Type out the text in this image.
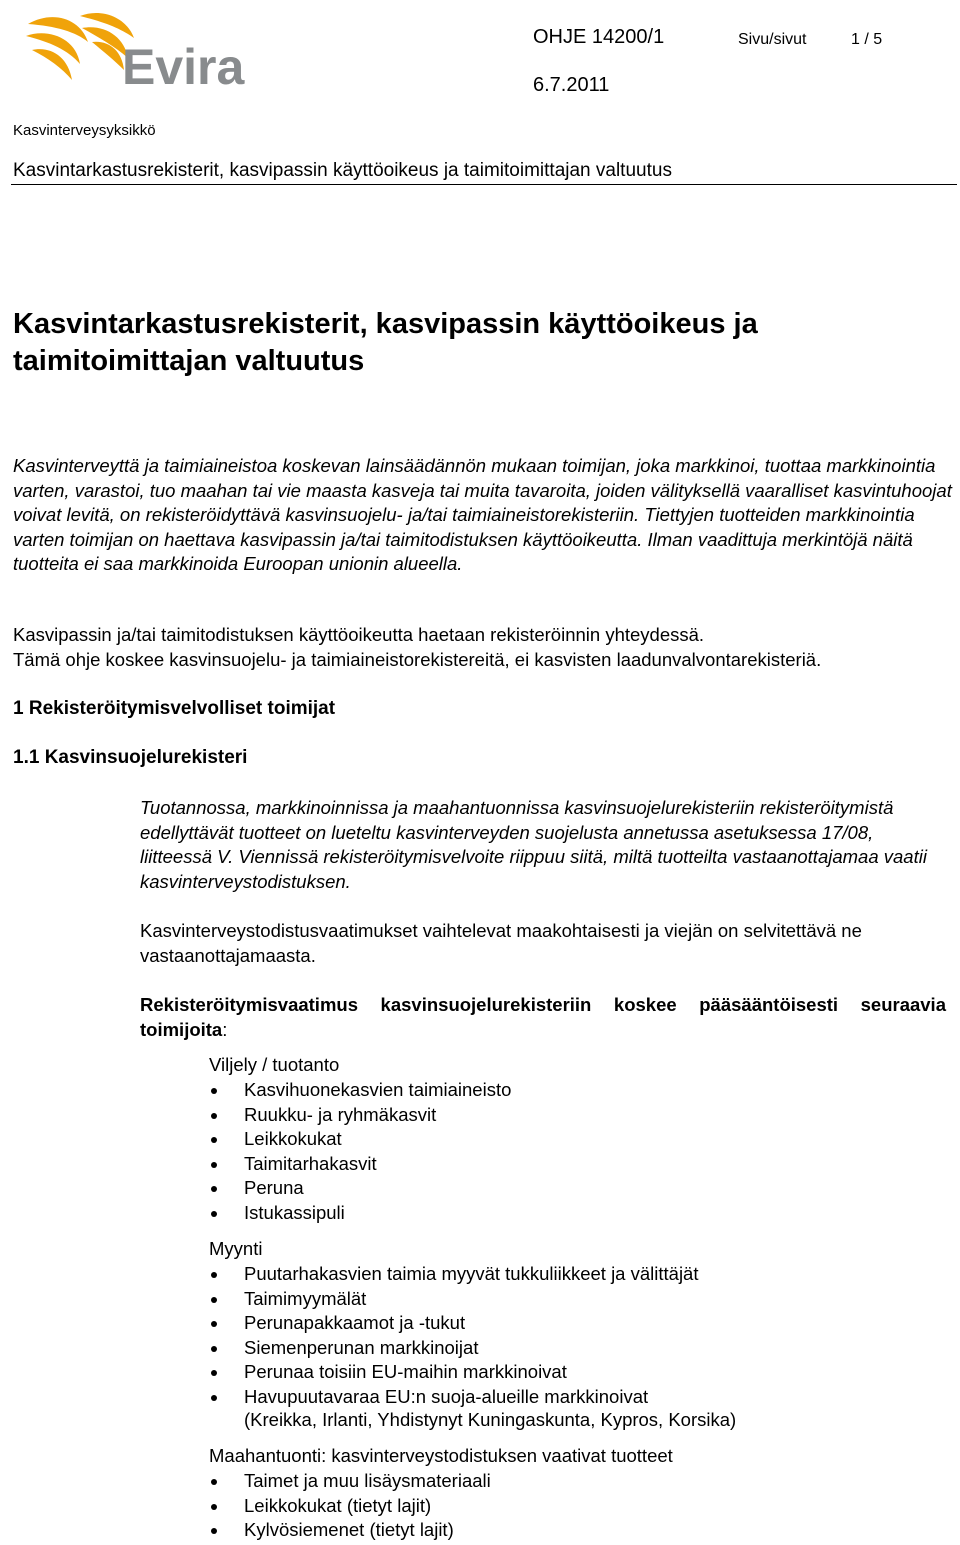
Evira
OHJE 14200/1	Sivu/sivut	1 / 5
6.7.2011
Kasvinterveysyksikkö
Kasvintarkastusrekisterit, kasvipassin käyttöoikeus ja taimitoimittajan valtuutus
Kasvintarkastusrekisterit, kasvipassin käyttöoikeus ja taimitoimittajan valtuutus

Kasvinterveyttä ja taimiaineistoa koskevan lainsäädännön mukaan toimijan, joka markkinoi, tuottaa markkinointia varten, varastoi, tuo maahan tai vie maasta kasveja tai muita tavaroita, joiden välityksellä vaaralliset kasvintuhoojat voivat levitä, on rekisteröidyttävä kasvinsuojelu- ja/tai taimiaineistorekisteriin. Tiettyjen tuotteiden markkinointia varten toimijan on haettava kasvipassin ja/tai taimitodistuksen käyttöoikeutta. Ilman vaadittuja merkintöjä näitä tuotteita ei saa markkinoida Euroopan unionin alueella.

Kasvipassin ja/tai taimitodistuksen käyttöoikeutta haetaan rekisteröinnin yhteydessä.
Tämä ohje koskee kasvinsuojelu- ja taimiaineistorekistereitä, ei kasvisten laadunvalvontarekisteriä.
1 Rekisteröitymisvelvolliset toimijat
1.1 Kasvinsuojelurekisteri

Tuotannossa, markkinoinnissa ja maahantuonnissa kasvinsuojelurekisteriin rekisteröitymistä edellyttävät tuotteet on lueteltu kasvinterveyden suojelusta annetussa asetuksessa 17/08, liitteessä V. Viennissä rekisteröitymisvelvoite riippuu siitä, miltä tuotteilta vastaanottajamaa vaatii kasvinterveystodistuksen.

Kasvinterveystodistusvaatimukset vaihtelevat maakohtaisesti ja viejän on selvitettävä ne vastaanottajamaasta.

Rekisteröitymisvaatimus kasvinsuojelurekisteriin koskee pääsääntöisesti seuraavia toimijoita:

Viljely / tuotanto
Kasvihuonekasvien taimiaineisto
Ruukku- ja ryhmäkasvit
Leikkokukat
Taimitarhakasvit
Peruna
Istukassipuli
Myynti
Puutarhakasvien taimia myyvät tukkuliikkeet ja välittäjät
Taimimyymälät
Perunapakkaamot ja -tukut
Siemenperunan markkinoijat
Perunaa toisiin EU-maihin markkinoivat
Havupuutavaraa EU:n suoja-alueille markkinoivat
(Kreikka, Irlanti, Yhdistynyt Kuningaskunta, Kypros, Korsika)
Maahantuonti: kasvinterveystodistuksen vaativat tuotteet
Taimet ja muu lisäysmateriaali
Leikkokukat (tietyt lajit)
Kylvösiemenet (tietyt lajit)
